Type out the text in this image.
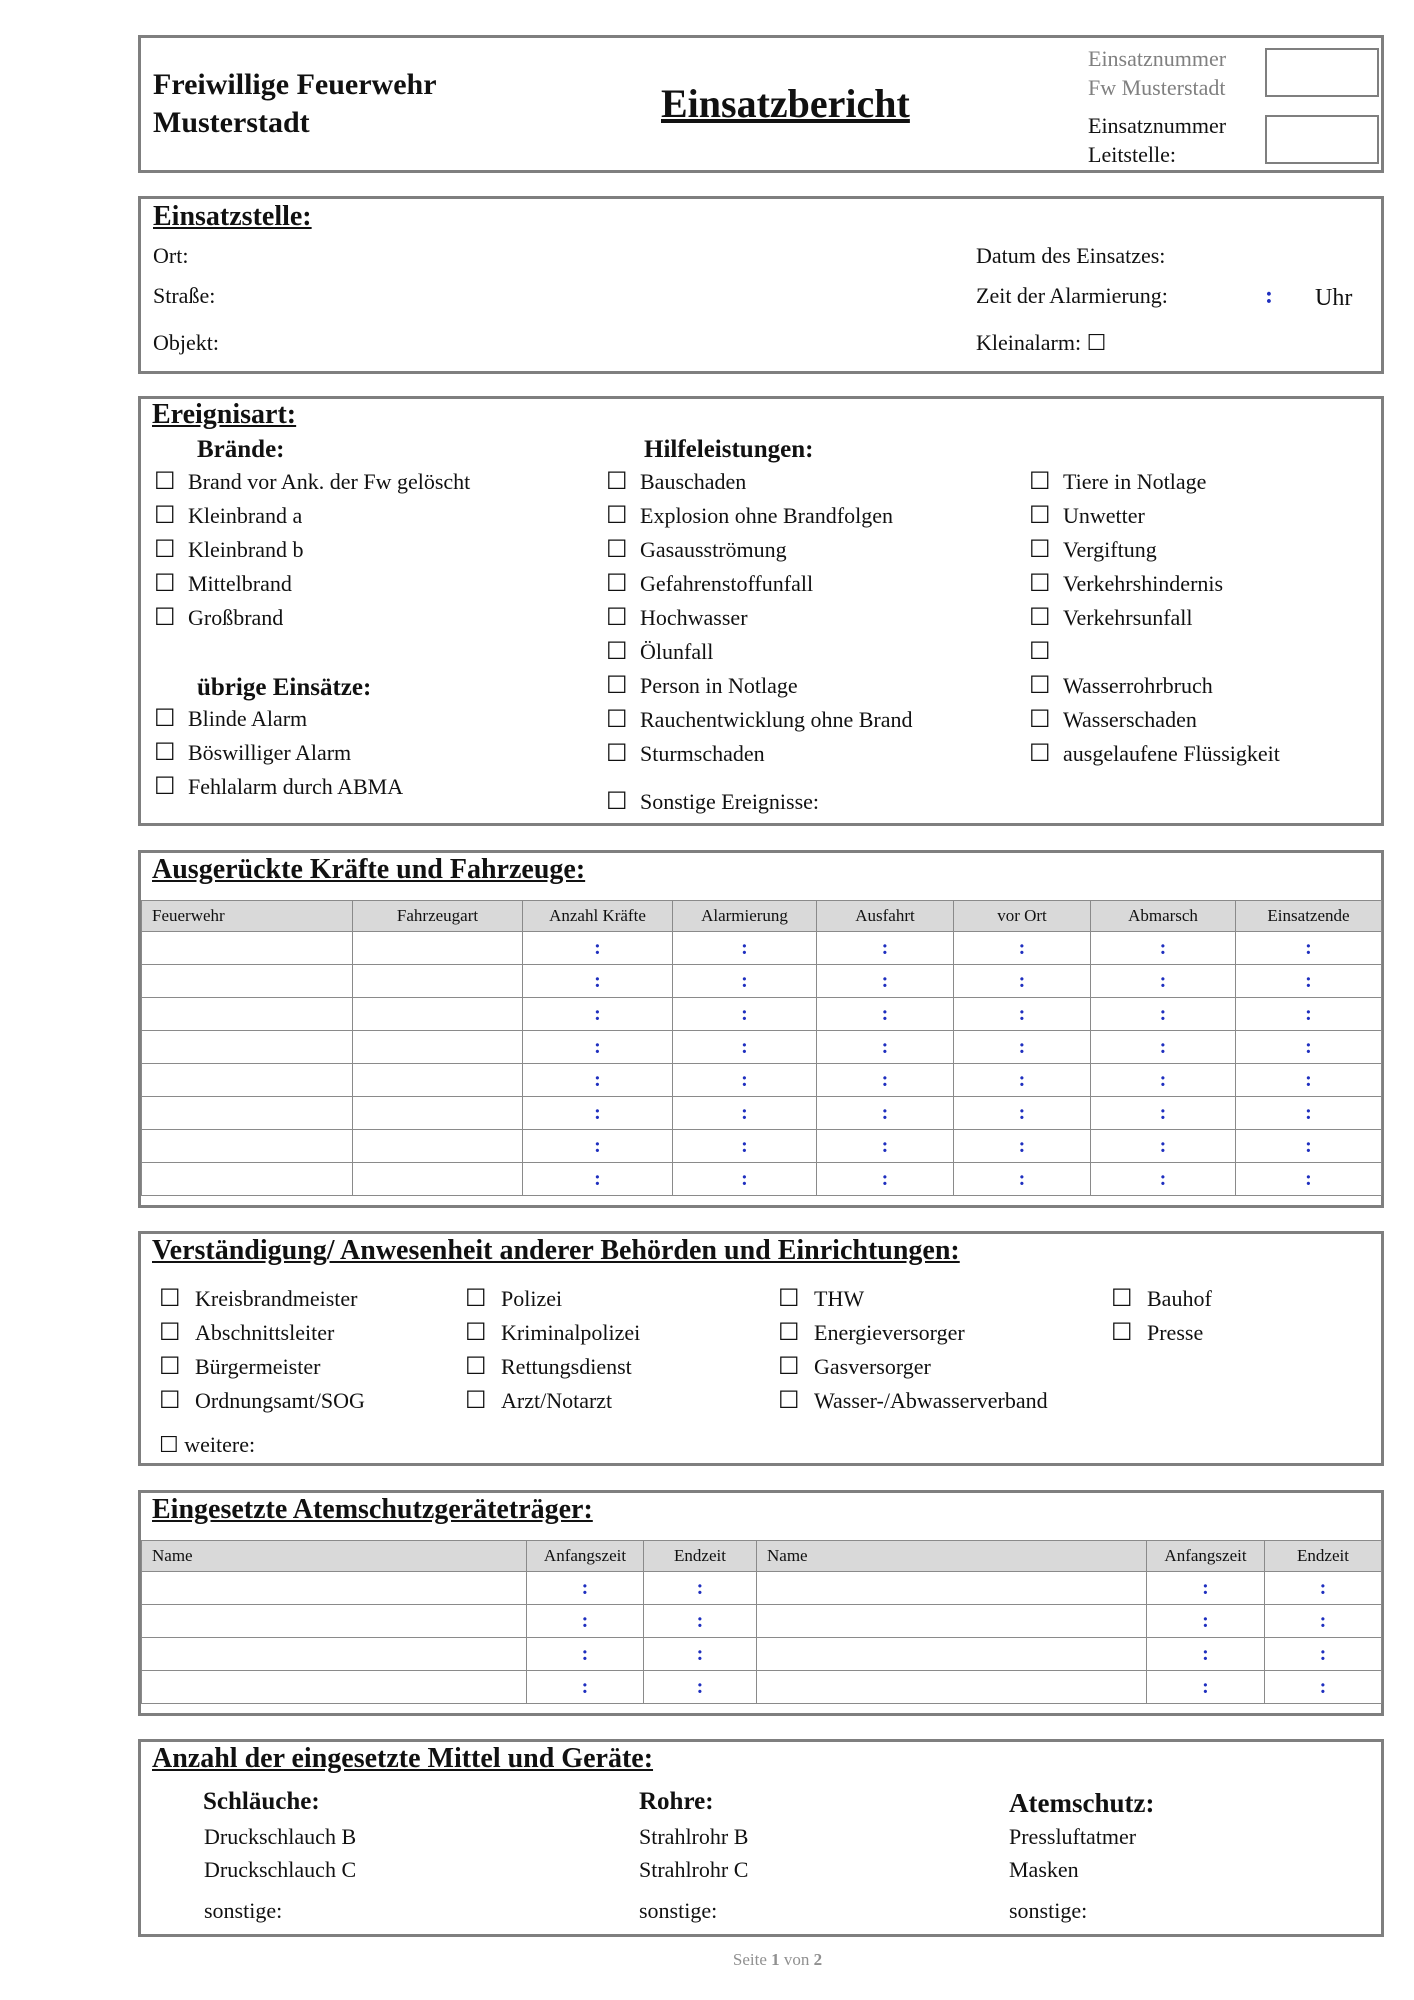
Freiwillige Feuerwehr
Musterstadt	Einsatzbericht
Einsatznummer
Fw Musterstadt
Einsatznummer
Leitstelle:
Einsatzstelle:
Ort:
Straße:
Objekt:
Datum des Einsatzes:
Zeit der Alarmierung:	: Uhr
Kleinalarm: ☐
Ereignisart:
Brände:
übrige Einsätze:
Hilfeleistungen:
☐ Sonstige Ereignisse:
☐ Brand vor Ank. der Fw gelöscht
☐ Kleinbrand a
☐ Kleinbrand b
☐ Mittelbrand
☐ Großbrand
☐ Blinde Alarm
☐ Böswilliger Alarm
☐ Fehlalarm durch ABMA
☐ Bauschaden
☐ Explosion ohne Brandfolgen
☐ Gasausströmung
☐ Gefahrenstoffunfall
☐ Hochwasser
☐ Ölunfall
☐ Person in Notlage
☐ Rauchentwicklung ohne Brand
☐ Sturmschaden
☐ Tiere in Notlage
☐ Unwetter
☐ Vergiftung
☐ Verkehrshindernis
☐ Verkehrsunfall
☐
☐ Wasserrohrbruch
☐ Wasserschaden
☐ ausgelaufene Flüssigkeit
Ausgerückte Kräfte und Fahrzeuge:
Feuerwehr	Fahrzeugart	Anzahl Kräfte	Alarmierung	Ausfahrt	vor Ort	Abmarsch	Einsatzende
		:	:	:	:	:	:
		:	:	:	:	:	:
		:	:	:	:	:	:
		:	:	:	:	:	:
		:	:	:	:	:	:
		:	:	:	:	:	:
		:	:	:	:	:	:
		:	:	:	:	:	:
Verständigung/ Anwesenheit anderer Behörden und Einrichtungen:
☐ weitere:
☐ Kreisbrandmeister
☐ Abschnittsleiter
☐ Bürgermeister
☐ Ordnungsamt/SOG
☐ Polizei
☐ Kriminalpolizei
☐ Rettungsdienst
☐ Arzt/Notarzt
☐ THW
☐ Energieversorger
☐ Gasversorger
☐ Wasser-/Abwasserverband
☐ Bauhof
☐ Presse
Eingesetzte Atemschutzgeräteträger:
Name	Anfangszeit	Endzeit	Name	Anfangszeit	Endzeit
	:	:		:	:
	:	:		:	:
	:	:		:	:
	:	:		:	:
Anzahl der eingesetzte Mittel und Geräte:
Schläuche:
Druckschlauch B
Druckschlauch C
sonstige:
Rohre:
Strahlrohr B
Strahlrohr C
sonstige:
Atemschutz:
Pressluftatmer
Masken
sonstige:
Seite 1 von 2
